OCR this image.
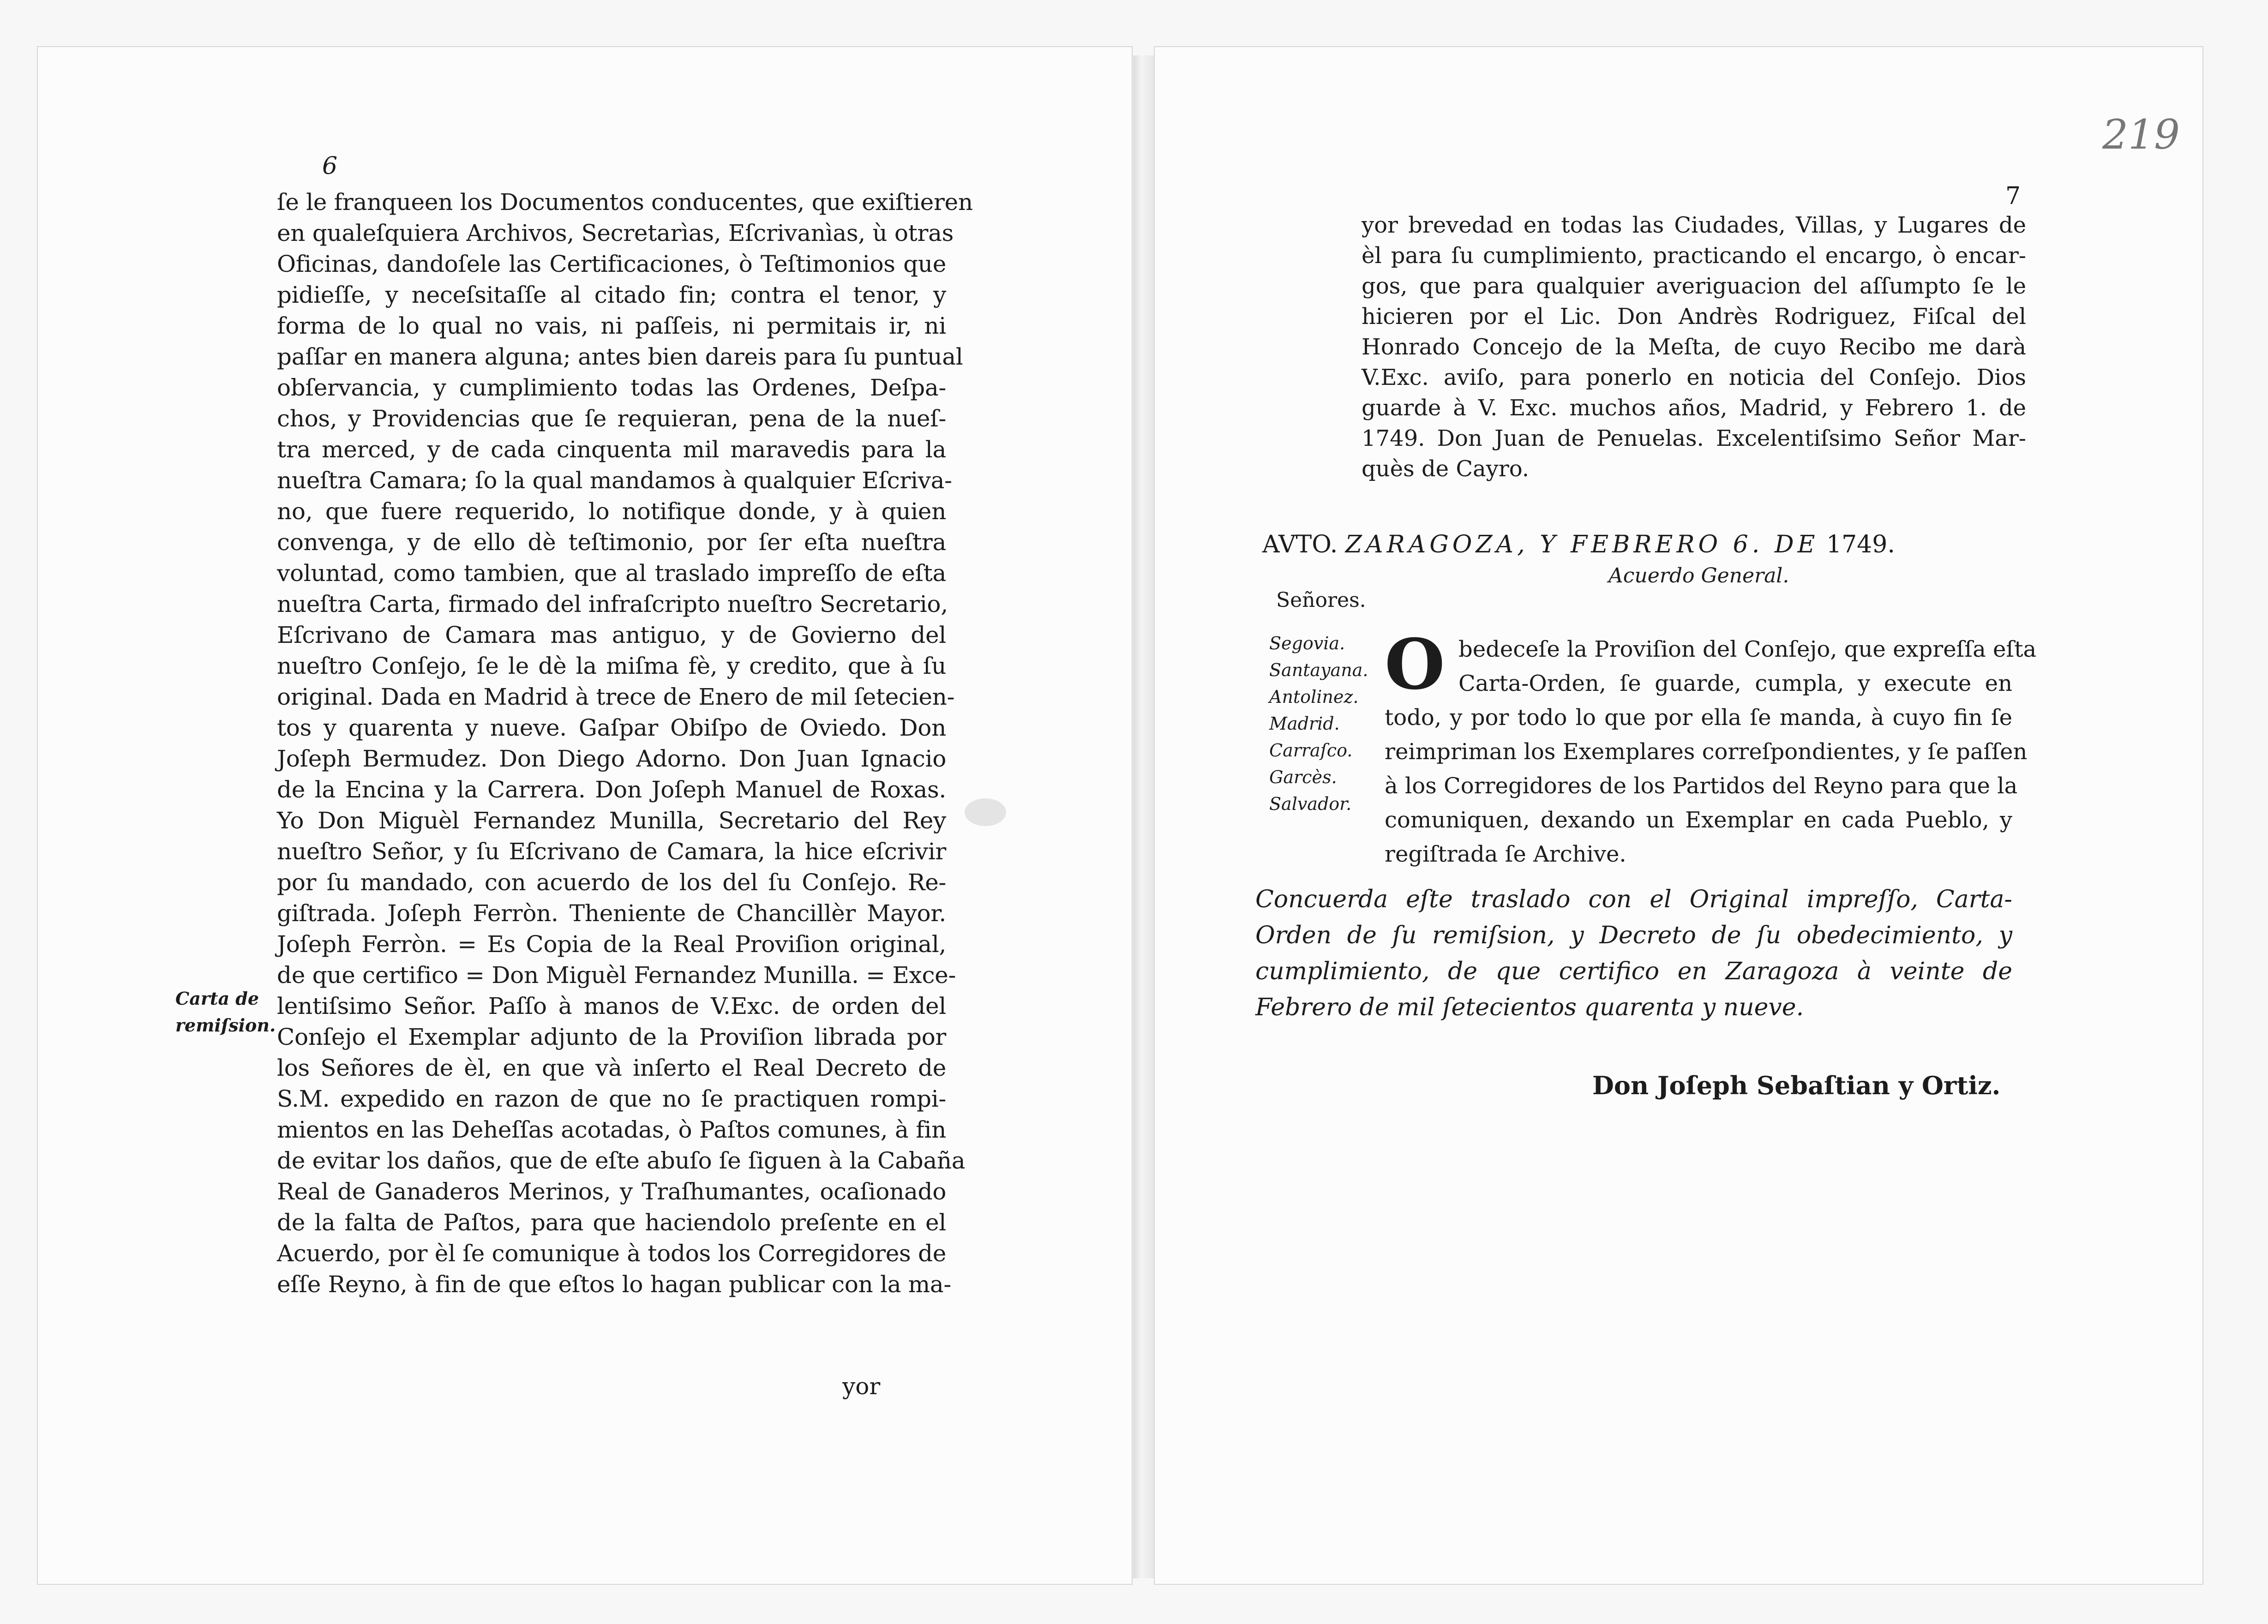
6
ſe le franqueen los Documentos conducentes, que exiſtieren
en qualeſquiera Archivos, Secretarìas, Eſcrivanìas, ù otras
Oficinas, dandoſele las Certificaciones, ò Teſtimonios que
pidieſſe, y neceſsitaſſe al citado fin; contra el tenor, y
forma de lo qual no vais, ni paſſeis, ni permitais ir, ni
paſſar en manera alguna; antes bien dareis para ſu puntual
obſervancia, y cumplimiento todas las Ordenes, Deſpa-
chos, y Providencias que ſe requieran, pena de la nueſ-
tra merced, y de cada cinquenta mil maravedis para la
nueſtra Camara; ſo la qual mandamos à qualquier Eſcriva-
no, que fuere requerido, lo notifique donde, y à quien
convenga, y de ello dè teſtimonio, por ſer eſta nueſtra
voluntad, como tambien, que al traslado impreſſo de eſta
nueſtra Carta, firmado del infraſcripto nueſtro Secretario,
Eſcrivano de Camara mas antiguo, y de Govierno del
nueſtro Conſejo, ſe le dè la miſma fè, y credito, que à ſu
original. Dada en Madrid à trece de Enero de mil ſetecien-
tos y quarenta y nueve. Gaſpar Obiſpo de Oviedo. Don
Joſeph Bermudez. Don Diego Adorno. Don Juan Ignacio
de la Encina y la Carrera. Don Joſeph Manuel de Roxas.
Yo Don Miguèl Fernandez Munilla, Secretario del Rey
nueſtro Señor, y ſu Eſcrivano de Camara, la hice eſcrivir
por ſu mandado, con acuerdo de los del ſu Conſejo. Re-
giſtrada. Joſeph Ferròn. Theniente de Chancillèr Mayor.
Joſeph Ferròn. = Es Copia de la Real Proviſion original,
de que certifico = Don Miguèl Fernandez Munilla. = Exce-
lentiſsimo Señor. Paſſo à manos de V.Exc. de orden del
Conſejo el Exemplar adjunto de la Proviſion librada por
los Señores de èl, en que và inſerto el Real Decreto de
S.M. expedido en razon de que no ſe practiquen rompi-
mientos en las Deheſſas acotadas, ò Paſtos comunes, à fin
de evitar los daños, que de eſte abuſo ſe ſiguen à la Cabaña
Real de Ganaderos Merinos, y Traſhumantes, ocaſionado
de la falta de Paſtos, para que haciendolo preſente en el
Acuerdo, por èl ſe comunique à todos los Corregidores de
eſſe Reyno, à fin de que eſtos lo hagan publicar con la ma-
yor
Carta de
remiſsion.
219
7
yor brevedad en todas las Ciudades, Villas, y Lugares de
èl para ſu cumplimiento, practicando el encargo, ò encar-
gos, que para qualquier averiguacion del aſſumpto ſe le
hicieren por el Lic. Don Andrès Rodriguez, Fiſcal del
Honrado Concejo de la Meſta, de cuyo Recibo me darà
V.Exc. aviſo, para ponerlo en noticia del Conſejo. Dios
guarde à V. Exc. muchos años, Madrid, y Febrero 1. de
1749. Don Juan de Penuelas. Excelentiſsimo Señor Mar-
quès de Cayro.
AVTO. ZARAGOZA, Y FEBRERO 6. DE 1749.
Acuerdo General.
Señores.
Segovia.
Santayana.
Antolinez.
Madrid.
Carraſco.
Garcès.
Salvador.
O bedeceſe la Proviſion del Conſejo, que expreſſa eſta
Carta-Orden, ſe guarde, cumpla, y execute en
todo, y por todo lo que por ella ſe manda, à cuyo fin ſe
reimpriman los Exemplares correſpondientes, y ſe paſſen
à los Corregidores de los Partidos del Reyno para que la
comuniquen, dexando un Exemplar en cada Pueblo, y
regiſtrada ſe Archive.
Concuerda eſte traslado con el Original impreſſo, Carta-
Orden de ſu remiſsion, y Decreto de ſu obedecimiento, y
cumplimiento, de que certifico en Zaragoza à veinte de
Febrero de mil ſetecientos quarenta y nueve.
Don Joſeph Sebaſtian y Ortiz.
